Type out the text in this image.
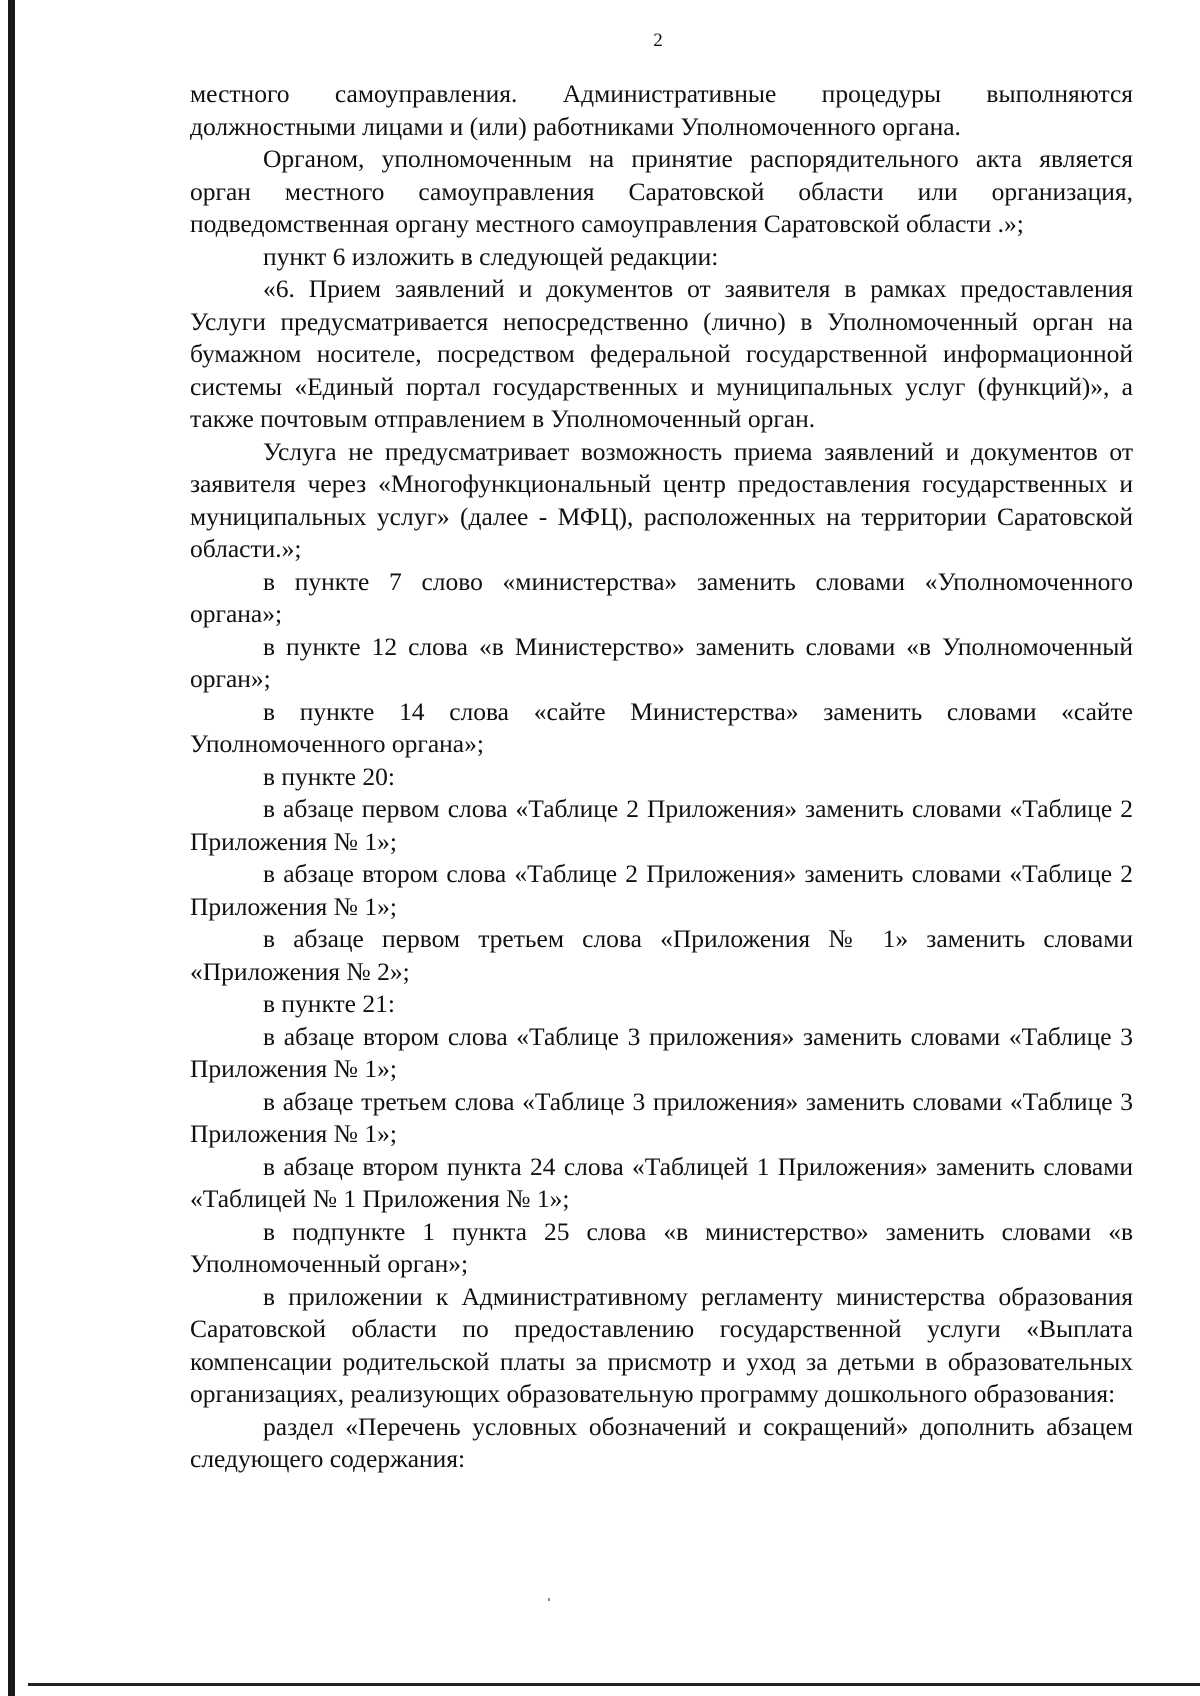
2

местного самоуправления. Административные процедуры выполняются должностными лицами и (или) работниками Уполномоченного органа.

Органом, уполномоченным на принятие распорядительного акта является орган местного самоуправления Саратовской области или организация, подведомственная органу местного самоуправления Саратовской области .»;

пункт 6 изложить в следующей редакции:

«6. Прием заявлений и документов от заявителя в рамках предоставления Услуги предусматривается непосредственно (лично) в Уполномоченный орган на бумажном носителе, посредством федеральной государственной информационной системы «Единый портал государственных и муниципальных услуг (функций)», а также почтовым отправлением в Уполномоченный орган.

Услуга не предусматривает возможность приема заявлений и документов от заявителя через «Многофункциональный центр предоставления государственных и муниципальных услуг» (далее - МФЦ), расположенных на территории Саратовской области.»;

в пункте 7 слово «министерства» заменить словами «Уполномоченного органа»;

в пункте 12 слова «в Министерство» заменить словами «в Уполномоченный орган»;

в пункте 14 слова «сайте Министерства» заменить словами «сайте Уполномоченного органа»;

в пункте 20:

в абзаце первом слова «Таблице 2 Приложения» заменить словами «Таблице 2 Приложения № 1»;

в абзаце втором слова «Таблице 2 Приложения» заменить словами «Таблице 2 Приложения № 1»;

в абзаце первом третьем слова «Приложения № 1» заменить словами «Приложения № 2»;

в пункте 21:

в абзаце втором слова «Таблице 3 приложения» заменить словами «Таблице 3 Приложения № 1»;

в абзаце третьем слова «Таблице 3 приложения» заменить словами «Таблице 3 Приложения № 1»;

в абзаце втором пункта 24 слова «Таблицей 1 Приложения» заменить словами «Таблицей № 1 Приложения № 1»;

в подпункте 1 пункта 25 слова «в министерство» заменить словами «в Уполномоченный орган»;

в приложении к Административному регламенту министерства образования Саратовской области по предоставлению государственной услуги «Выплата компенсации родительской платы за присмотр и уход за детьми в образовательных организациях, реализующих образовательную программу дошкольного образования:

раздел «Перечень условных обозначений и сокращений» дополнить абзацем следующего содержания:
